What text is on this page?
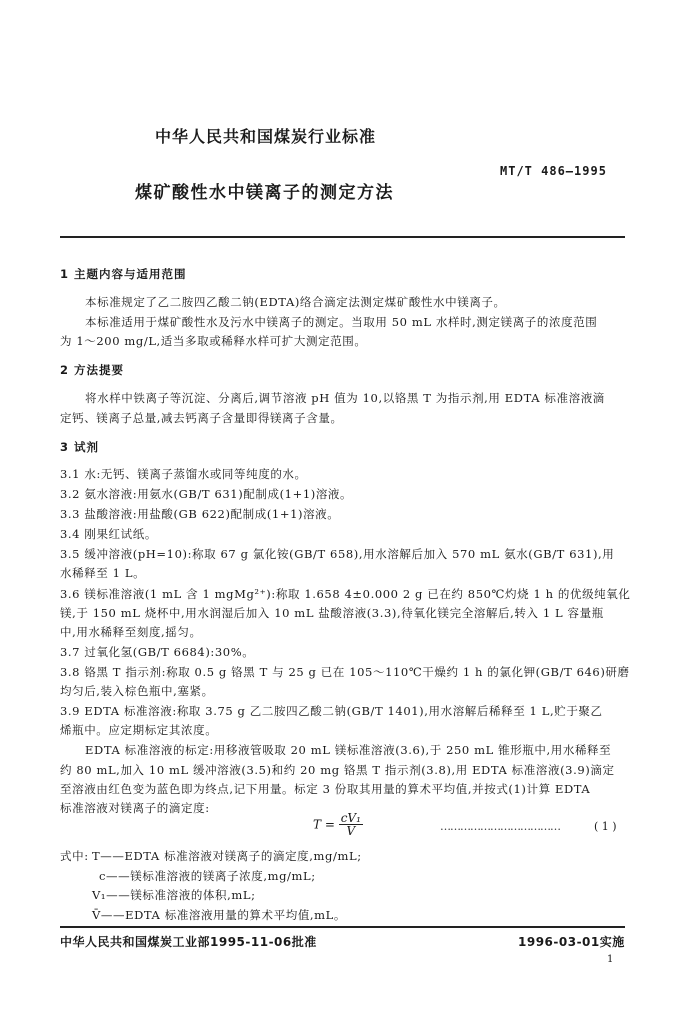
中华人民共和国煤炭行业标准
MT/T 486—1995
煤矿酸性水中镁离子的测定方法
1 主题内容与适用范围
本标准规定了乙二胺四乙酸二钠(EDTA)络合滴定法测定煤矿酸性水中镁离子。
本标准适用于煤矿酸性水及污水中镁离子的测定。当取用 50 mL 水样时,测定镁离子的浓度范围
为 1～200 mg/L,适当多取或稀释水样可扩大测定范围。
2 方法提要
将水样中铁离子等沉淀、分离后,调节溶液 pH 值为 10,以铬黑 T 为指示剂,用 EDTA 标准溶液滴
定钙、镁离子总量,减去钙离子含量即得镁离子含量。
3 试剂
3.1 水:无钙、镁离子蒸馏水或同等纯度的水。
3.2 氨水溶液:用氨水(GB/T 631)配制成(1+1)溶液。
3.3 盐酸溶液:用盐酸(GB 622)配制成(1+1)溶液。
3.4 刚果红试纸。
3.5 缓冲溶液(pH=10):称取 67 g 氯化铵(GB/T 658),用水溶解后加入 570 mL 氨水(GB/T 631),用
水稀释至 1 L。
3.6 镁标准溶液(1 mL 含 1 mgMg²⁺):称取 1.658 4±0.000 2 g 已在约 850℃灼烧 1 h 的优级纯氧化
镁,于 150 mL 烧杯中,用水润湿后加入 10 mL 盐酸溶液(3.3),待氧化镁完全溶解后,转入 1 L 容量瓶
中,用水稀释至刻度,摇匀。
3.7 过氧化氢(GB/T 6684):30%。
3.8 铬黑 T 指示剂:称取 0.5 g 铬黑 T 与 25 g 已在 105～110℃干燥约 1 h 的氯化钾(GB/T 646)研磨
均匀后,装入棕色瓶中,塞紧。
3.9 EDTA 标准溶液:称取 3.75 g 乙二胺四乙酸二钠(GB/T 1401),用水溶解后稀释至 1 L,贮于聚乙
烯瓶中。应定期标定其浓度。
EDTA 标准溶液的标定:用移液管吸取 20 mL 镁标准溶液(3.6),于 250 mL 锥形瓶中,用水稀释至
约 80 mL,加入 10 mL 缓冲溶液(3.5)和约 20 mg 铬黑 T 指示剂(3.8),用 EDTA 标准溶液(3.9)滴定
至溶液由红色变为蓝色即为终点,记下用量。标定 3 份取其用量的算术平均值,并按式(1)计算 EDTA
标准溶液对镁离子的滴定度:
$T = \frac{\text{cV₁}}{V̄}$	………………………………	( 1 )
式中: T——EDTA 标准溶液对镁离子的滴定度,mg/mL;
c——镁标准溶液的镁离子浓度,mg/mL;
V₁——镁标准溶液的体积,mL;
V̄——EDTA 标准溶液用量的算术平均值,mL。
中华人民共和国煤炭工业部1995-11-06批准	1996-03-01实施
1
